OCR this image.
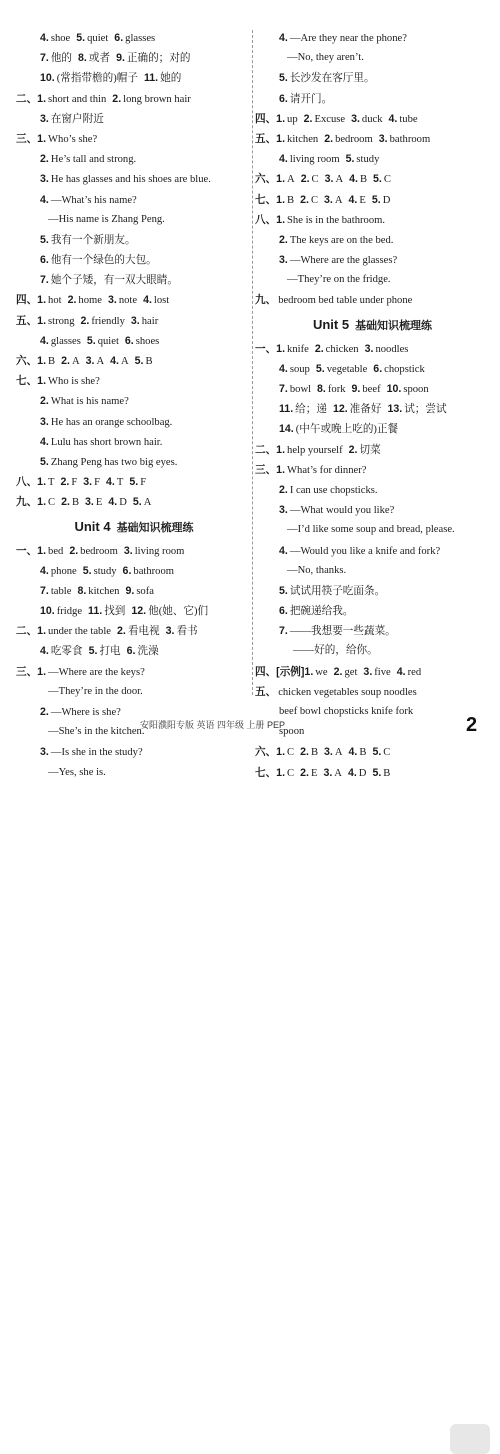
4. shoe 5. quiet 6. glasses
7. 他的 8. 或者 9. 正确的；对的
10. (常指带檐的)帽子 11. 她的
二、1. short and thin 2. long brown hair
3. 在窗户附近
三、1. Who’s she?
2. He’s tall and strong.
3. He has glasses and his shoes are blue.
4. —What’s his name?
—His name is Zhang Peng.
5. 我有一个新朋友。
6. 他有一个绿色的大包。
7. 她个子矮，有一双大眼睛。
四、1. hot 2. home 3. note 4. lost
五、1. strong 2. friendly 3. hair
4. glasses 5. quiet 6. shoes
六、1. B 2. A 3. A 4. A 5. B
七、1. Who is she?
2. What is his name?
3. He has an orange schoolbag.
4. Lulu has short brown hair.
5. Zhang Peng has two big eyes.
八、1. T 2. F 3. F 4. T 5. F
九、1. C 2. B 3. E 4. D 5. A
Unit 4 基础知识梳理练
一、1. bed 2. bedroom 3. living room
4. phone 5. study 6. bathroom
7. table 8. kitchen 9. sofa
10. fridge 11. 找到 12. 他(她、它)们
二、1. under the table 2. 看电视 3. 看书
4. 吃零食 5. 打电 6. 洗澡
三、1. —Where are the keys?
—They’re in the door.
2. —Where is she?
—She’s in the kitchen.
3. —Is she in the study?
—Yes, she is.
4. —Are they near the phone?
—No, they aren’t.
5. 长沙发在客厅里。
6. 请开门。
四、1. up 2. Excuse 3. duck 4. tube
五、1. kitchen 2. bedroom 3. bathroom
4. living room 5. study
六、1. A 2. C 3. A 4. B 5. C
七、1. B 2. C 3. A 4. E 5. D
八、1. She is in the bathroom.
2. The keys are on the bed.
3. —Where are the glasses?
—They’re on the fridge.
九、 bedroom bed table under phone
Unit 5 基础知识梳理练
一、1. knife 2. chicken 3. noodles
4. soup 5. vegetable 6. chopstick
7. bowl 8. fork 9. beef 10. spoon
11. 给；递 12. 准备好 13. 试；尝试
14. (中午或晚上吃的)正餐
二、1. help yourself 2. 切菜
三、1. What’s for dinner?
2. I can use chopsticks.
3. —What would you like?
—I’d like some soup and bread, please.
4. —Would you like a knife and fork?
—No, thanks.
5. 试试用筷子吃面条。
6. 把碗递给我。
7. ——我想要一些蔬菜。
——好的，给你。
四、[示例]1. we 2. get 3. five 4. red
五、 chicken vegetables soup noodles
beef bowl chopsticks knife fork
spoon
六、1. C 2. B 3. A 4. B 5. C
七、1. C 2. E 3. A 4. D 5. B
安阳濮阳专版 英语 四年级 上册 PEP	2
